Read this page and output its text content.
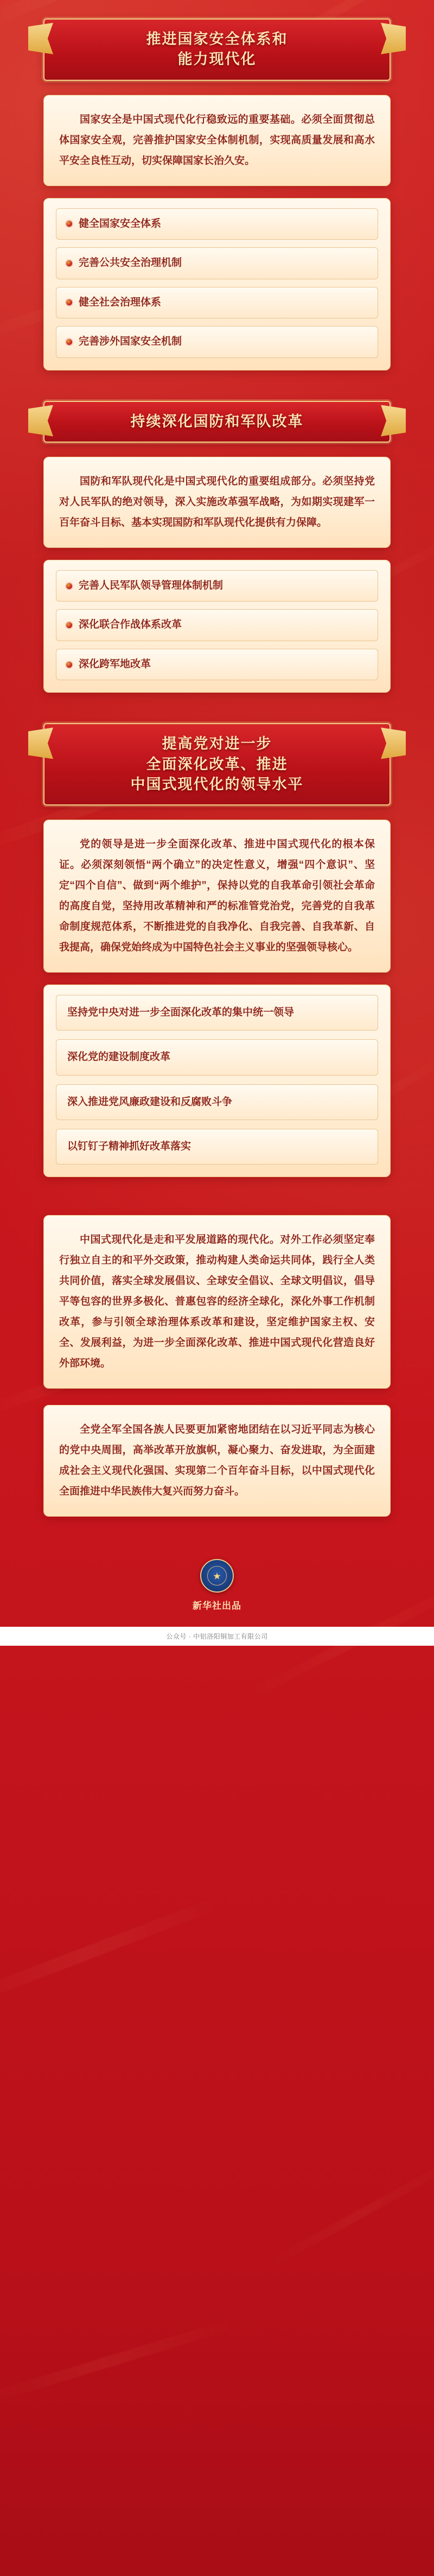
推进国家安全体系和
能力现代化

国家安全是中国式现代化行稳致远的重要基础。必须全面贯彻总体国家安全观，完善推护国家安全体制机制，实现高质量发展和高水平安全良性互动，切实保障国家长治久安。

健全国家安全体系
完善公共安全治理机制
健全社会治理体系
完善涉外国家安全机制
持续深化国防和军队改革

国防和军队现代化是中国式现代化的重要组成部分。必须坚持党对人民军队的绝对领导，深入实施改革强军战略，为如期实现建军一百年奋斗目标、基本实现国防和军队现代化提供有力保障。

完善人民军队领导管理体制机制
深化联合作战体系改革
深化跨军地改革
提高党对进一步
全面深化改革、推进
中国式现代化的领导水平

党的领导是进一步全面深化改革、推进中国式现代化的根本保证。必须深刻领悟“两个确立”的决定性意义，增强“四个意识”、坚定“四个自信”、做到“两个维护”，保持以党的自我革命引领社会革命的高度自觉，坚持用改革精神和严的标准管党治党，完善党的自我革命制度规范体系，不断推进党的自我净化、自我完善、自我革新、自我提高，确保党始终成为中国特色社会主义事业的坚强领导核心。

坚持党中央对进一步全面深化改革的集中统一领导
深化党的建设制度改革
深入推进党风廉政建设和反腐败斗争
以钉钉子精神抓好改革落实

中国式现代化是走和平发展道路的现代化。对外工作必须坚定奉行独立自主的和平外交政策，推动构建人类命运共同体，践行全人类共同价值，落实全球发展倡议、全球安全倡议、全球文明倡议，倡导平等包容的世界多极化、普惠包容的经济全球化，深化外事工作机制改革，参与引领全球治理体系改革和建设，坚定维护国家主权、安全、发展利益，为进一步全面深化改革、推进中国式现代化营造良好外部环境。

全党全军全国各族人民要更加紧密地团结在以习近平同志为核心的党中央周围，高举改革开放旗帜，凝心聚力、奋发进取，为全面建成社会主义现代化强国、实现第二个百年奋斗目标，以中国式现代化全面推进中华民族伟大复兴而努力奋斗。

★
新华社出品
公众号 · 中铝洛阳铜加工有限公司
